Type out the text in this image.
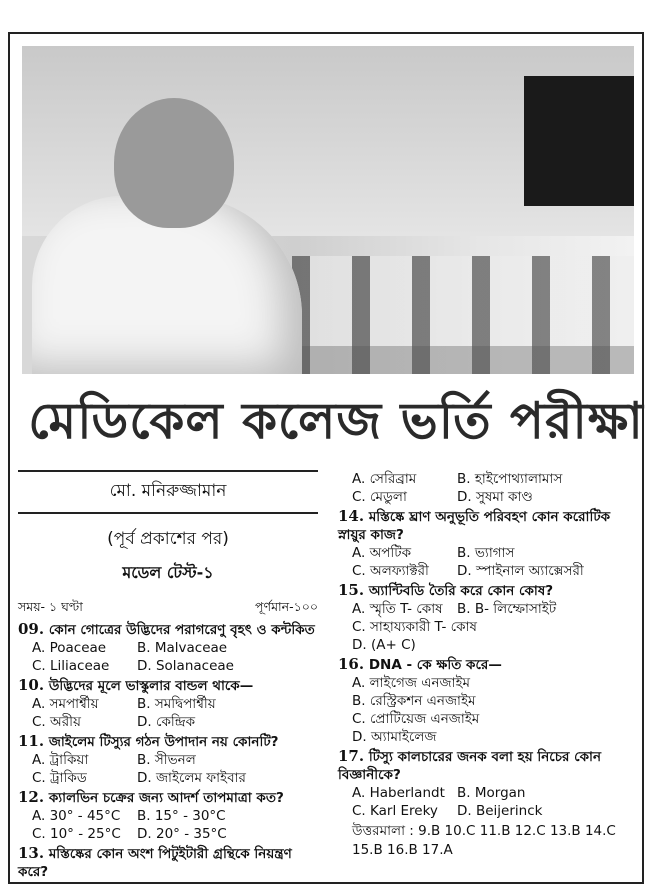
মেডিকেল কলেজ ভর্তি পরীক্ষা
মো. মনিরুজ্জামান
(পূর্ব প্রকাশের পর)
মডেল টেস্ট-১
সময়- ১ ঘণ্টা	পূর্ণমান-১০০
09. কোন গোত্রের উদ্ভিদের পরাগরেণু বৃহৎ ও কন্টকিত
A. Poaceae	B. Malvaceae
C. Liliaceae	D. Solanaceae
10. উদ্ভিদের মূলে ভাস্কুলার বান্ডল থাকে—
A. সমপার্শ্বীয়	B. সমদ্বিপার্শ্বীয়
C. অরীয়	D. কেন্দ্রিক
11. জাইলেম টিস্যুর গঠন উপাদান নয় কোনটি?
A. ট্রাকিয়া	B. সীভনল
C. ট্রাকিড	D. জাইলেম ফাইবার
12. ক্যালভিন চক্রের জন্য আদর্শ তাপমাত্রা কত?
A. 30° - 45°C	B. 15° - 30°C
C. 10° - 25°C	D. 20° - 35°C
13. মস্তিষ্কের কোন অংশ পিটুইটারী গ্রন্থিকে নিয়ন্ত্রণ করে?
A. সেরিব্রাম	B. হাইপোথ্যালামাস
C. মেডুলা	D. সুষমা কাণ্ড
14. মস্তিষ্কে ঘ্রাণ অনুভূতি পরিবহণ কোন করোটিক স্নায়ুর কাজ?
A. অপটিক	B. ভ্যাগাস
C. অলফ্যাক্টরী	D. স্পাইনাল অ্যাক্সেসরী
15. অ্যান্টিবডি তৈরি করে কোন কোষ?
A. স্মৃতি T- কোষ	B. B- লিম্ফোসাইট
C. সাহায্যকারী T- কোষ
D. (A+ C)
16. DNA - কে ক্ষতি করে—
A. লাইগেজ এনজাইম
B. রেস্ট্রিকশন এনজাইম
C. প্রোটিয়েজ এনজাইম
D. অ্যামাইলেজ
17. টিস্যু কালচারের জনক বলা হয় নিচের কোন বিজ্ঞানীকে?
A. Haberlandt B. Morgan
C. Karl Ereky	D. Beijerinck
উত্তরমালা : 9.B 10.C 11.B 12.C 13.B 14.C 15.B 16.B 17.A
